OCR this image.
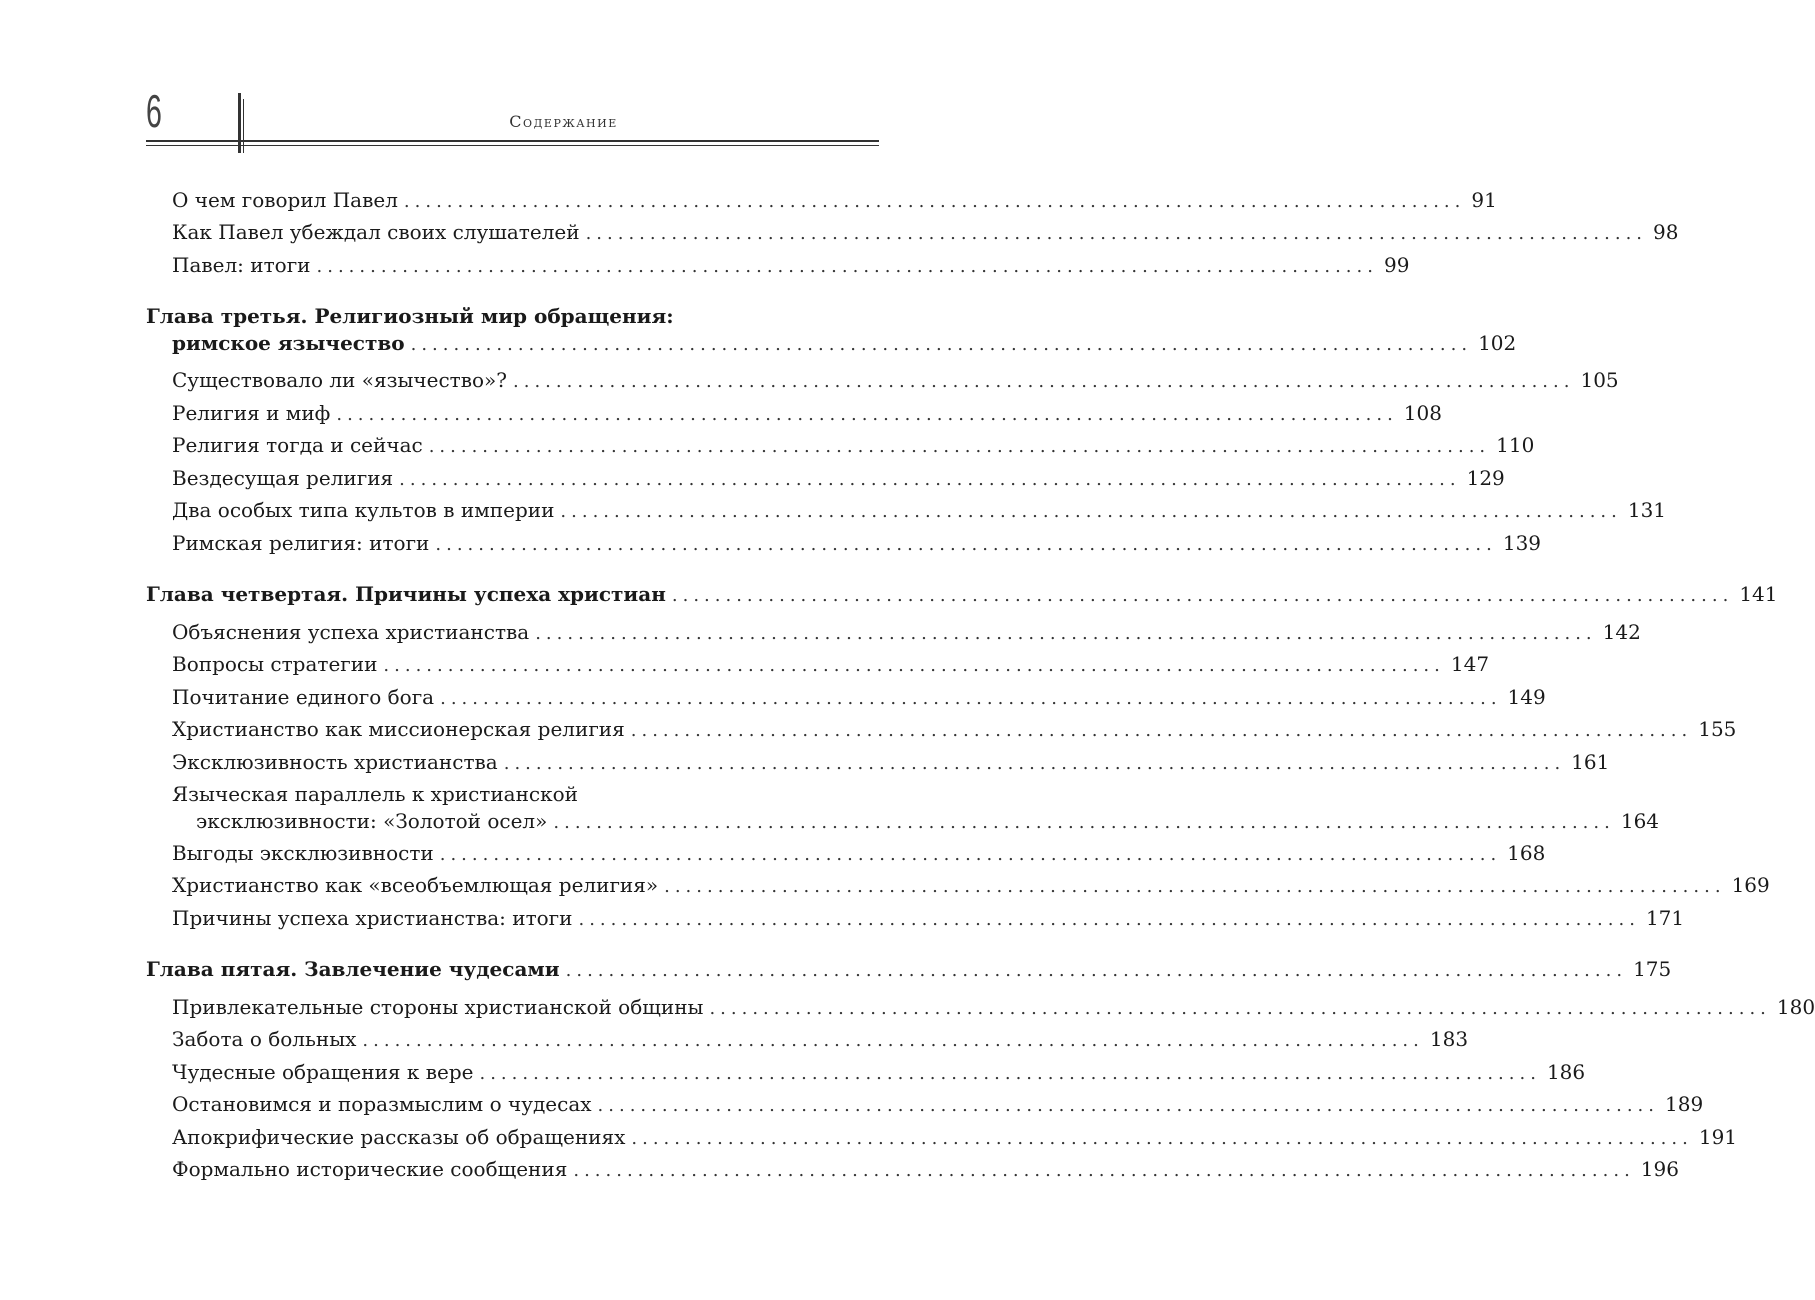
6	Содержание
О чем говорил Павел ................................................................................................... 91
Как Павел убеждал своих слушателей ................................................................................................... 98
Павел: итоги ................................................................................................... 99
Глава третья. Религиозный мир обращения:
римское язычество ................................................................................................... 102
Существовало ли «язычество»? ................................................................................................... 105
Религия и миф ................................................................................................... 108
Религия тогда и сейчас ................................................................................................... 110
Вездесущая религия ................................................................................................... 129
Два особых типа культов в империи ................................................................................................... 131
Римская религия: итоги ................................................................................................... 139
Глава четвертая. Причины успеха христиан ................................................................................................... 141
Объяснения успеха христианства ................................................................................................... 142
Вопросы стратегии ................................................................................................... 147
Почитание единого бога ................................................................................................... 149
Христианство как миссионерская религия ................................................................................................... 155
Эксклюзивность христианства ................................................................................................... 161
Языческая параллель к христианской
эксклюзивности: «Золотой осел» ................................................................................................... 164
Выгоды эксклюзивности ................................................................................................... 168
Христианство как «всеобъемлющая религия» ................................................................................................... 169
Причины успеха христианства: итоги ................................................................................................... 171
Глава пятая. Завлечение чудесами ................................................................................................... 175
Привлекательные стороны христианской общины ................................................................................................... 180
Забота о больных ................................................................................................... 183
Чудесные обращения к вере ................................................................................................... 186
Остановимся и поразмыслим о чудесах ................................................................................................... 189
Апокрифические рассказы об обращениях ................................................................................................... 191
Формально исторические сообщения ................................................................................................... 196
